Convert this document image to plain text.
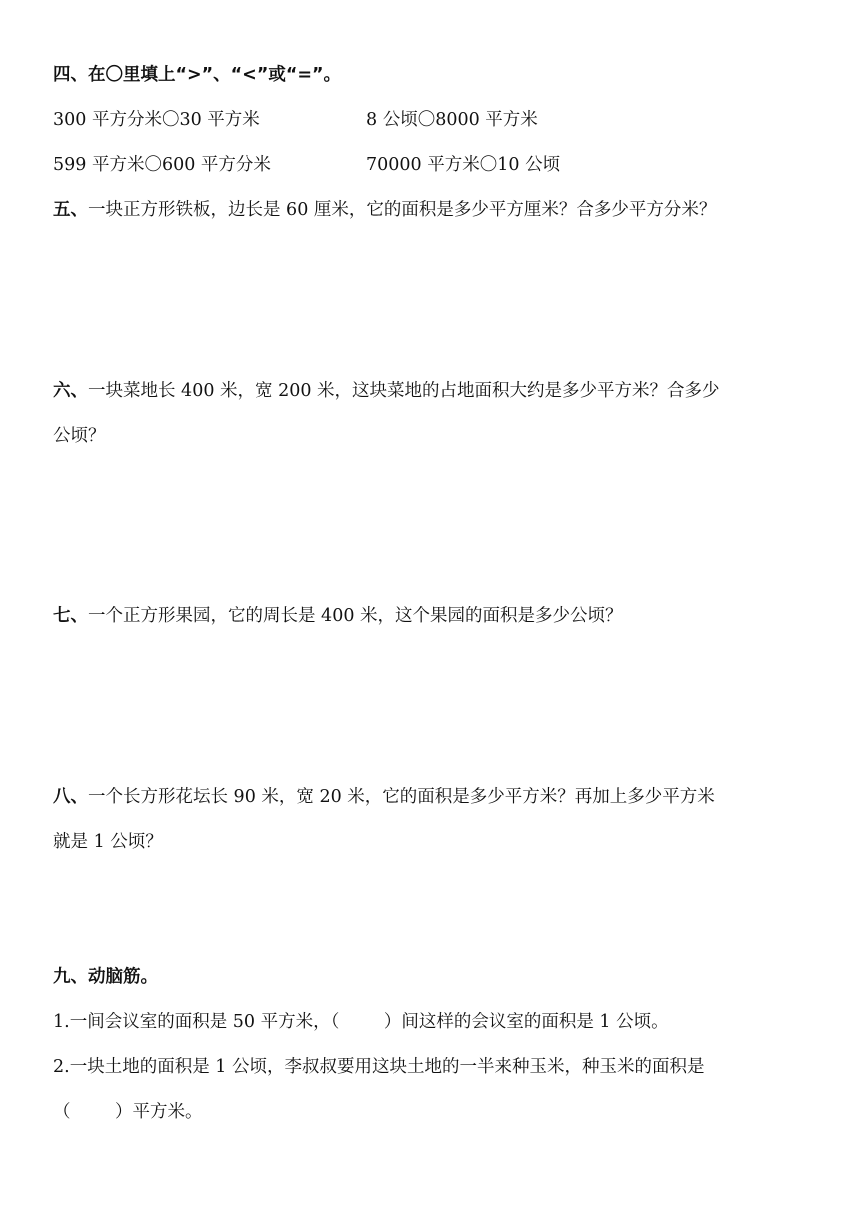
四、在〇里填上“>”、“<”或“=”。
300 平方分米〇30 平方米	8 公顷〇8000 平方米
599 平方米〇600 平方分米	70000 平方米〇10 公顷
五、一块正方形铁板，边长是 60 厘米，它的面积是多少平方厘米？合多少平方分米？
六、一块菜地长 400 米，宽 200 米，这块菜地的占地面积大约是多少平方米？合多少
公顷？
七、一个正方形果园，它的周长是 400 米，这个果园的面积是多少公顷？
八、一个长方形花坛长 90 米，宽 20 米，它的面积是多少平方米？再加上多少平方米
就是 1 公顷？
九、动脑筋。
1.一间会议室的面积是 50 平方米，（        ）间这样的会议室的面积是 1 公顷。
2.一块土地的面积是 1 公顷，李叔叔要用这块土地的一半来种玉米，种玉米的面积是
（        ）平方米。
